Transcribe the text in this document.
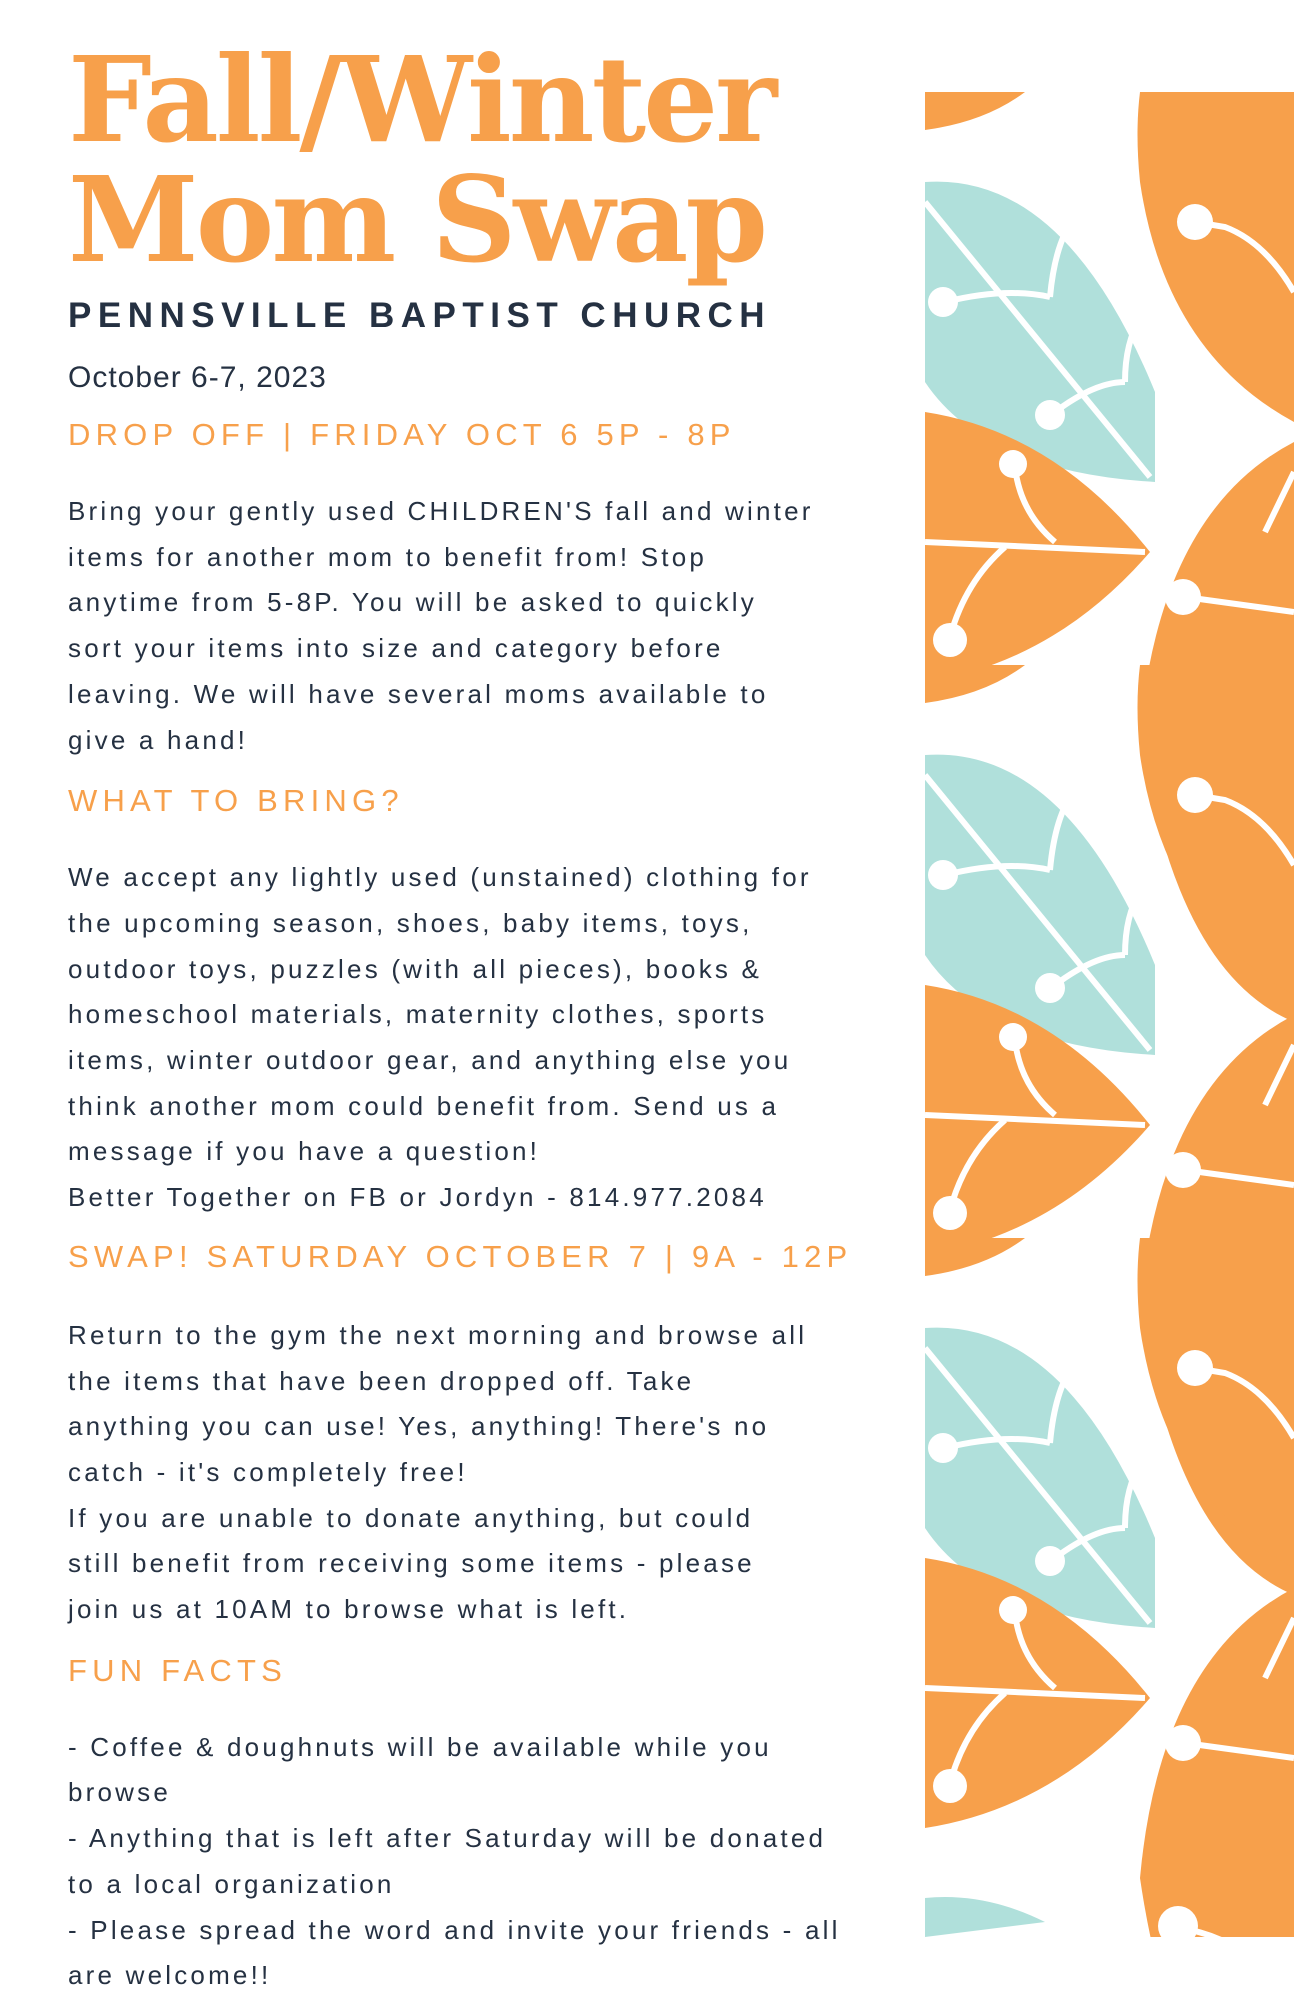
Fall/Winter
Mom Swap
PENNSVILLE BAPTIST CHURCH
October 6-7, 2023
DROP OFF | FRIDAY OCT 6 5P - 8P
Bring your gently used CHILDREN'S fall and winter
items for another mom to benefit from! Stop
anytime from 5-8P. You will be asked to quickly
sort your items into size and category before
leaving. We will have several moms available to
give a hand!
WHAT TO BRING?
We accept any lightly used (unstained) clothing for
the upcoming season, shoes, baby items, toys,
outdoor toys, puzzles (with all pieces), books &
homeschool materials, maternity clothes, sports
items, winter outdoor gear, and anything else you
think another mom could benefit from. Send us a
message if you have a question!
Better Together on FB or Jordyn - 814.977.2084
SWAP! SATURDAY OCTOBER 7 | 9A - 12P
Return to the gym the next morning and browse all
the items that have been dropped off. Take
anything you can use! Yes, anything! There's no
catch - it's completely free!
If you are unable to donate anything, but could
still benefit from receiving some items - please
join us at 10AM to browse what is left.
FUN FACTS
- Coffee & doughnuts will be available while you
browse
- Anything that is left after Saturday will be donated
to a local organization
- Please spread the word and invite your friends - all
are welcome!!
